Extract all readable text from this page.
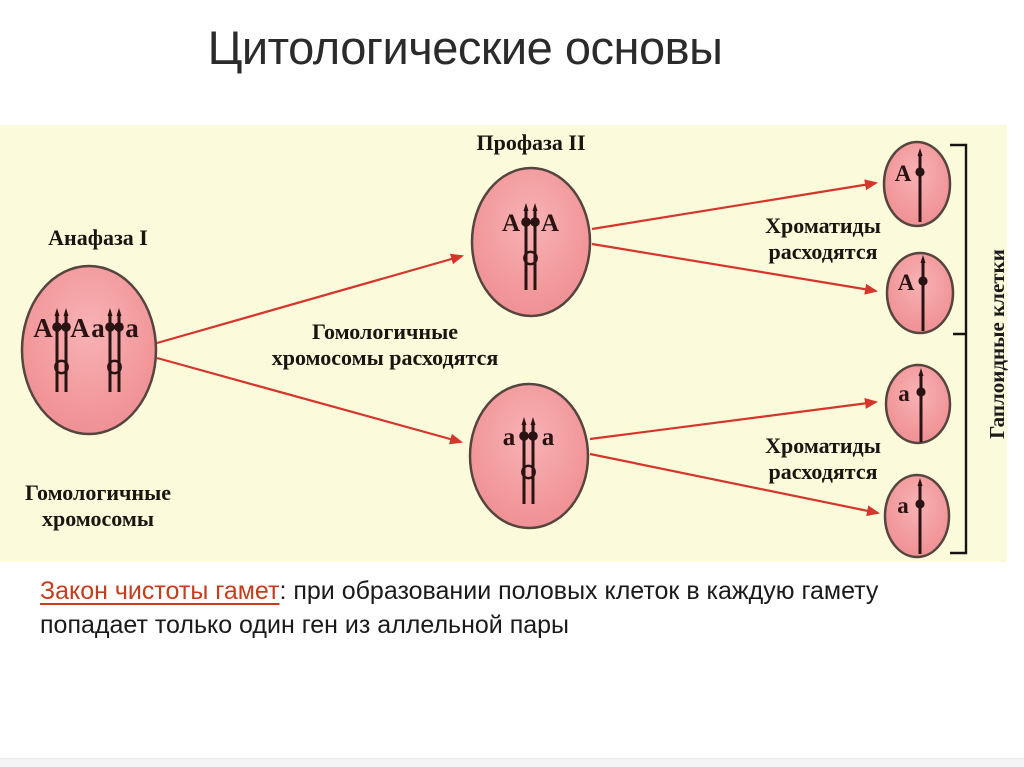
Цитологические основы
А А а а
А А
а а
А
А
а
а
Анафаза I
Профаза II
Гомологичные
хромосомы
Гомологичные
хромосомы расходятся
Хроматиды
расходятся
Хроматиды
расходятся
Гаплоидные клетки

Закон чистоты гамет: при образовании половых клеток в каждую гамету
попадает только один ген из аллельной пары
